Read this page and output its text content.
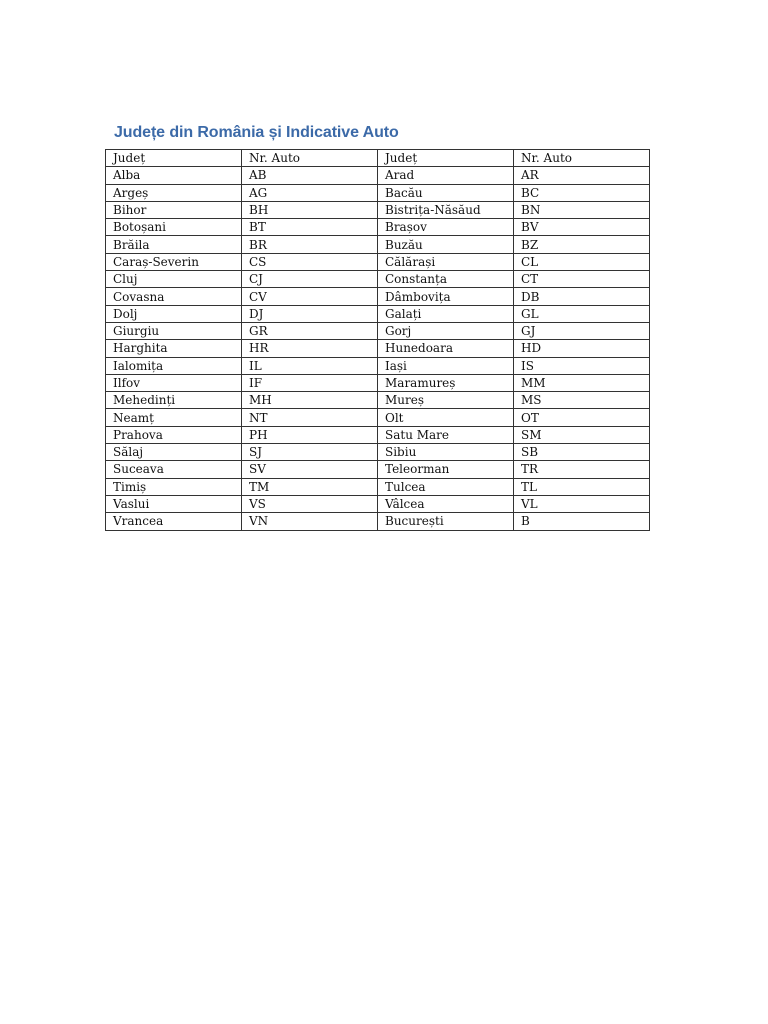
Județe din România și Indicative Auto
Județ	Nr. Auto	Județ	Nr. Auto
Alba	AB	Arad	AR
Argeș	AG	Bacău	BC
Bihor	BH	Bistrița-Năsăud	BN
Botoșani	BT	Brașov	BV
Brăila	BR	Buzău	BZ
Caraș-Severin	CS	Călărași	CL
Cluj	CJ	Constanța	CT
Covasna	CV	Dâmbovița	DB
Dolj	DJ	Galați	GL
Giurgiu	GR	Gorj	GJ
Harghita	HR	Hunedoara	HD
Ialomița	IL	Iași	IS
Ilfov	IF	Maramureș	MM
Mehedinți	MH	Mureș	MS
Neamț	NT	Olt	OT
Prahova	PH	Satu Mare	SM
Sălaj	SJ	Sibiu	SB
Suceava	SV	Teleorman	TR
Timiș	TM	Tulcea	TL
Vaslui	VS	Vâlcea	VL
Vrancea	VN	București	B
